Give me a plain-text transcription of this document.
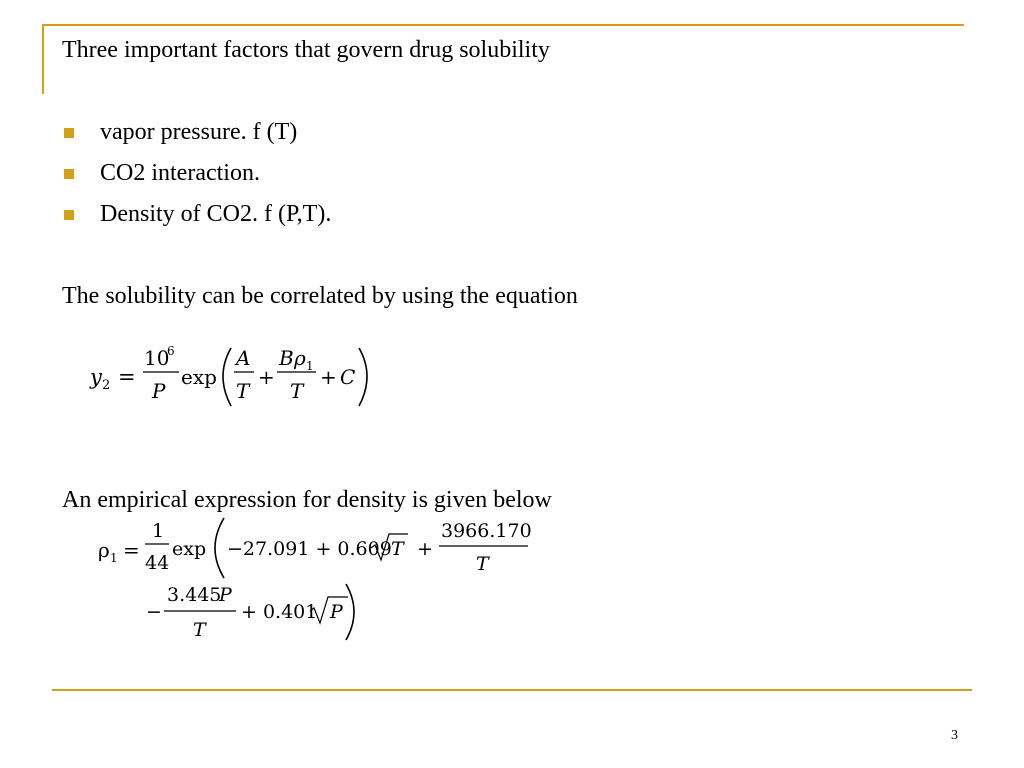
Three important factors that govern drug solubility
vapor pressure. f (T)
CO2 interaction.
Density of CO2. f (P,T).
The solubility can be correlated by using the equation
y 2 =
10
6
P
exp
A
T
+
B ρ 1
T
+ C
An empirical expression for density is given below
ρ 1 =
1
44
exp −27.091 + 0.609 T +
3966.170
T
−
3.445
P
T
+ 0.401 P
3
